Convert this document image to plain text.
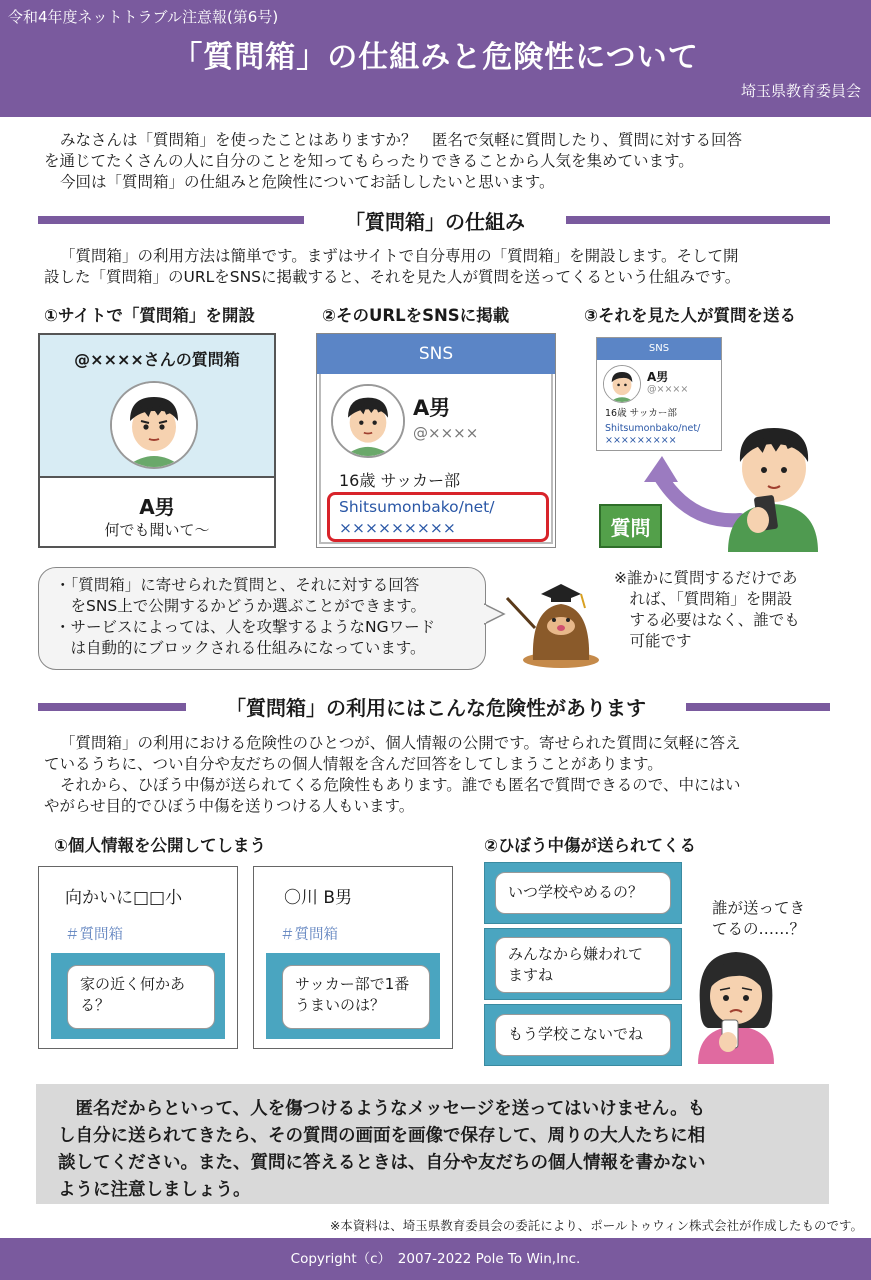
令和4年度ネットトラブル注意報(第6号)
「質問箱」の仕組みと危険性について
埼玉県教育委員会
みなさんは「質問箱」を使ったことはありますか？　匿名で気軽に質問したり、質問に対する回答
を通じてたくさんの人に自分のことを知ってもらったりできることから人気を集めています。
今回は「質問箱」の仕組みと危険性についてお話ししたいと思います。
「質問箱」の仕組み
「質問箱」の利用方法は簡単です。まずはサイトで自分専用の「質問箱」を開設します。そして開
設した「質問箱」のURLをSNSに掲載すると、それを見た人が質問を送ってくるという仕組みです。
①サイトで「質問箱」を開設	②そのURLをSNSに掲載	③それを見た人が質問を送る
@××××さんの質問箱
A男
何でも聞いて～
SNS
A男
@××××
16歳 サッカー部
Shitsumonbako/net/
×××××××××
SNS
A男
@××××
16歳 サッカー部
Shitsumonbako/net/
×××××××××
質問
・「質問箱」に寄せられた質問と、それに対する回答
　をSNS上で公開するかどうか選ぶことができます。
・サービスによっては、人を攻撃するようなNGワード
　は自動的にブロックされる仕組みになっています。
※誰かに質問するだけであ
　れば、「質問箱」を開設
　する必要はなく、誰でも
　可能です
「質問箱」の利用にはこんな危険性があります
「質問箱」の利用における危険性のひとつが、個人情報の公開です。寄せられた質問に気軽に答え
ているうちに、つい自分や友だちの個人情報を含んだ回答をしてしまうことがあります。
それから、ひぼう中傷が送られてくる危険性もあります。誰でも匿名で質問できるので、中にはい
やがらせ目的でひぼう中傷を送りつける人もいます。
①個人情報を公開してしまう	②ひぼう中傷が送られてくる
向かいに□□小
＃質問箱
家の近く何かあ
る？
〇川 B男
＃質問箱
サッカー部で1番
うまいのは？
いつ学校やめるの？
みんなから嫌われて
ますね
もう学校こないでね
誰が送ってき
てるの……？
　匿名だからといって、人を傷つけるようなメッセージを送ってはいけません。も
し自分に送られてきたら、その質問の画面を画像で保存して、周りの大人たちに相
談してください。また、質問に答えるときは、自分や友だちの個人情報を書かない
ように注意しましょう。
※本資料は、埼玉県教育委員会の委託により、ポールトゥウィン株式会社が作成したものです。
Copyright（c）　2007-2022 Pole To Win,Inc.
